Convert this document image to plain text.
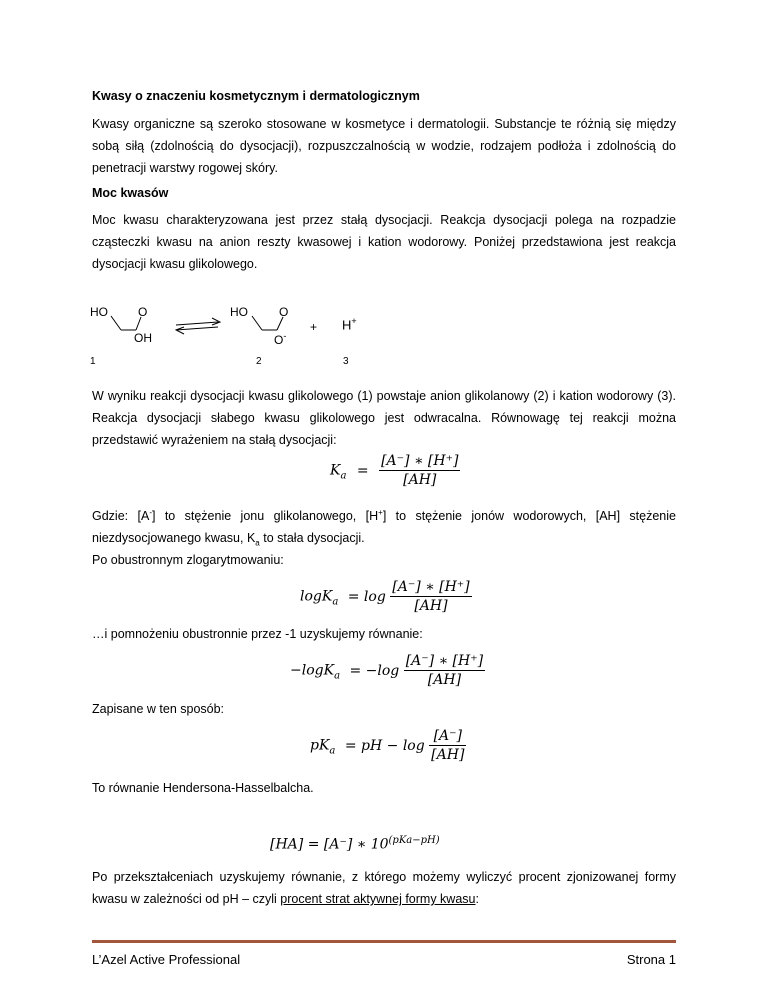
Kwasy o znaczeniu kosmetycznym i dermatologicznym
Kwasy organiczne są szeroko stosowane w kosmetyce i dermatologii. Substancje te różnią się między sobą siłą (zdolnością do dysocjacji), rozpuszczalnością w wodzie, rodzajem podłoża i zdolnością do penetracji warstwy rogowej skóry.
Moc kwasów
Moc kwasu charakteryzowana jest przez stałą dysocjacji. Reakcja dysocjacji polega na rozpadzie cząsteczki kwasu na anion reszty kwasowej i kation wodorowy. Poniżej przedstawiona jest reakcja dysocjacji kwasu glikolowego.
HO	O
OH
1
HO	O
O-
2
+ H+
3
W wyniku reakcji dysocjacji kwasu glikolowego (1) powstaje anion glikolanowy (2) i kation wodorowy (3). Reakcja dysocjacji słabego kwasu glikolowego jest odwracalna. Równowagę tej reakcji można przedstawić wyrażeniem na stałą dysocjacji:
$K_a = \frac{[A^-] ∗ [H^+]}{[AH]}$
Gdzie: [A-] to stężenie jonu glikolanowego, [H+] to stężenie jonów wodorowych, [AH] stężenie niezdysocjowanego kwasu, $K_a$ to stała dysocjacji.
Po obustronnym zlogarytmowaniu:
$\log K_a = \log \frac{[A^-] ∗ [H^+]}{[AH]}$
…i pomnożeniu obustronnie przez -1 uzyskujemy równanie:
$-\log K_a = -\log \frac{[A^-] ∗ [H^+]}{[AH]}$
Zapisane w ten sposób:
$pK_a$ = pH − $\log \frac{[A^-]}{[AH]}$
To równanie Hendersona-Hasselbalcha.
[HA] = [A⁻] ∗ $10^{(pKa-pH)}$
Po przekształceniach uzyskujemy równanie, z którego możemy wyliczyć procent zjonizowanej formy kwasu w zależności od pH – czyli procent strat aktywnej formy kwasu:
L’Azel Active Professional	Strona 1
